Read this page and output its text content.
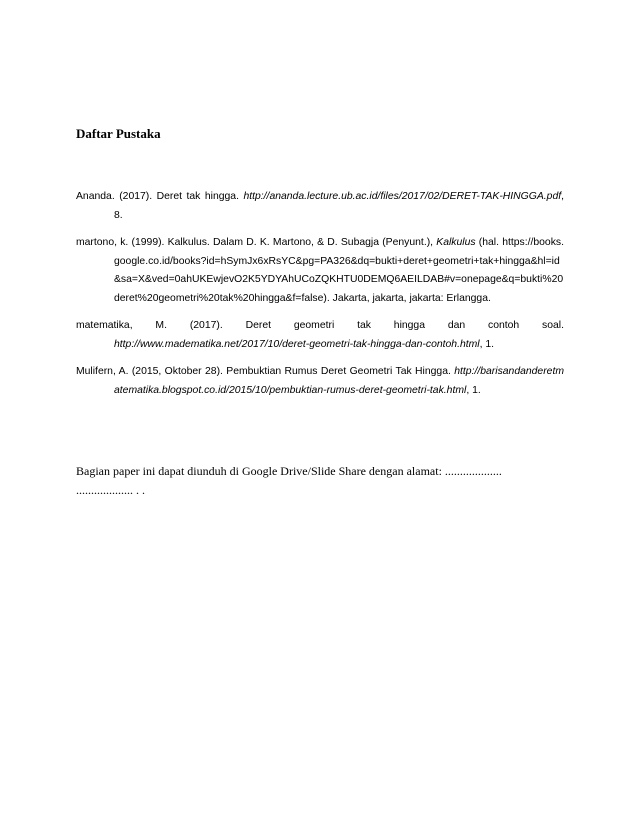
Daftar Pustaka

Ananda. (2017). Deret tak hingga. http://ananda.lecture.ub.ac.id/files/2017/02/DERET-TAK-HINGGA.pdf, 8.

martono, k. (1999). Kalkulus. Dalam D. K. Martono, & D. Subagja (Penyunt.), Kalkulus (hal. https://books.google.co.id/books?id=hSymJx6xRsYC&pg=PA326&dq=bukti+deret+geometri+tak+hingga&hl=id&sa=X&ved=0ahUKEwjevO2K5YDYAhUCoZQKHTU0DEMQ6AEILDAB#v=onepage&q=bukti%20deret%20geometri%20tak%20hingga&f=false). Jakarta, jakarta, jakarta: Erlangga.

matematika, M. (2017). Deret geometri tak hingga dan contoh soal. http://www.madematika.net/2017/10/deret-geometri-tak-hingga-dan-contoh.html, 1.

Mulifern, A. (2015, Oktober 28). Pembuktian Rumus Deret Geometri Tak Hingga. http://barisandanderetmatematika.blogspot.co.id/2015/10/pembuktian-rumus-deret-geometri-tak.html, 1.

Bagian paper ini dapat diunduh di Google Drive/Slide Share dengan alamat: ...................

................... . .
